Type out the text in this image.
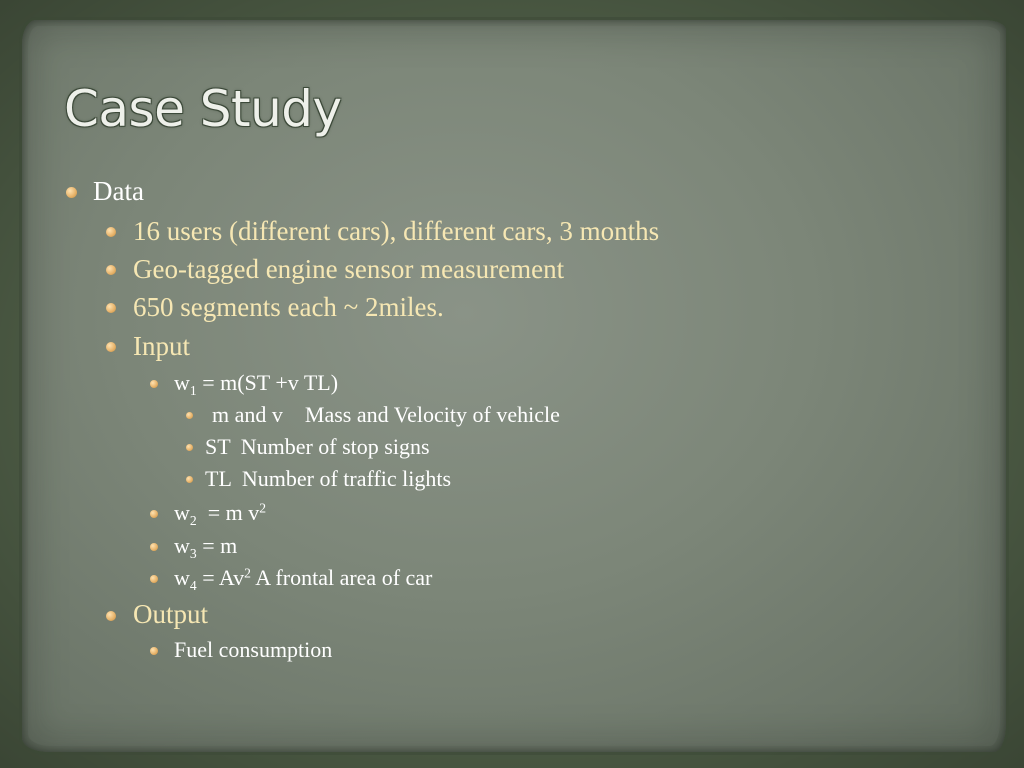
Case Study
Data
16 users (different cars), different cars, 3 months
Geo-tagged engine sensor measurement
650 segments each ~ 2miles.
Input
$w_1 = m(ST +v$ TL)
m and v Mass and Velocity of vehicle
ST Number of stop signs
TL Number of traffic lights
$w_2 = m$ $v^2$
$w_3 = m$
$w_4 = Av^2$ A frontal area of car
Output
Fuel consumption
